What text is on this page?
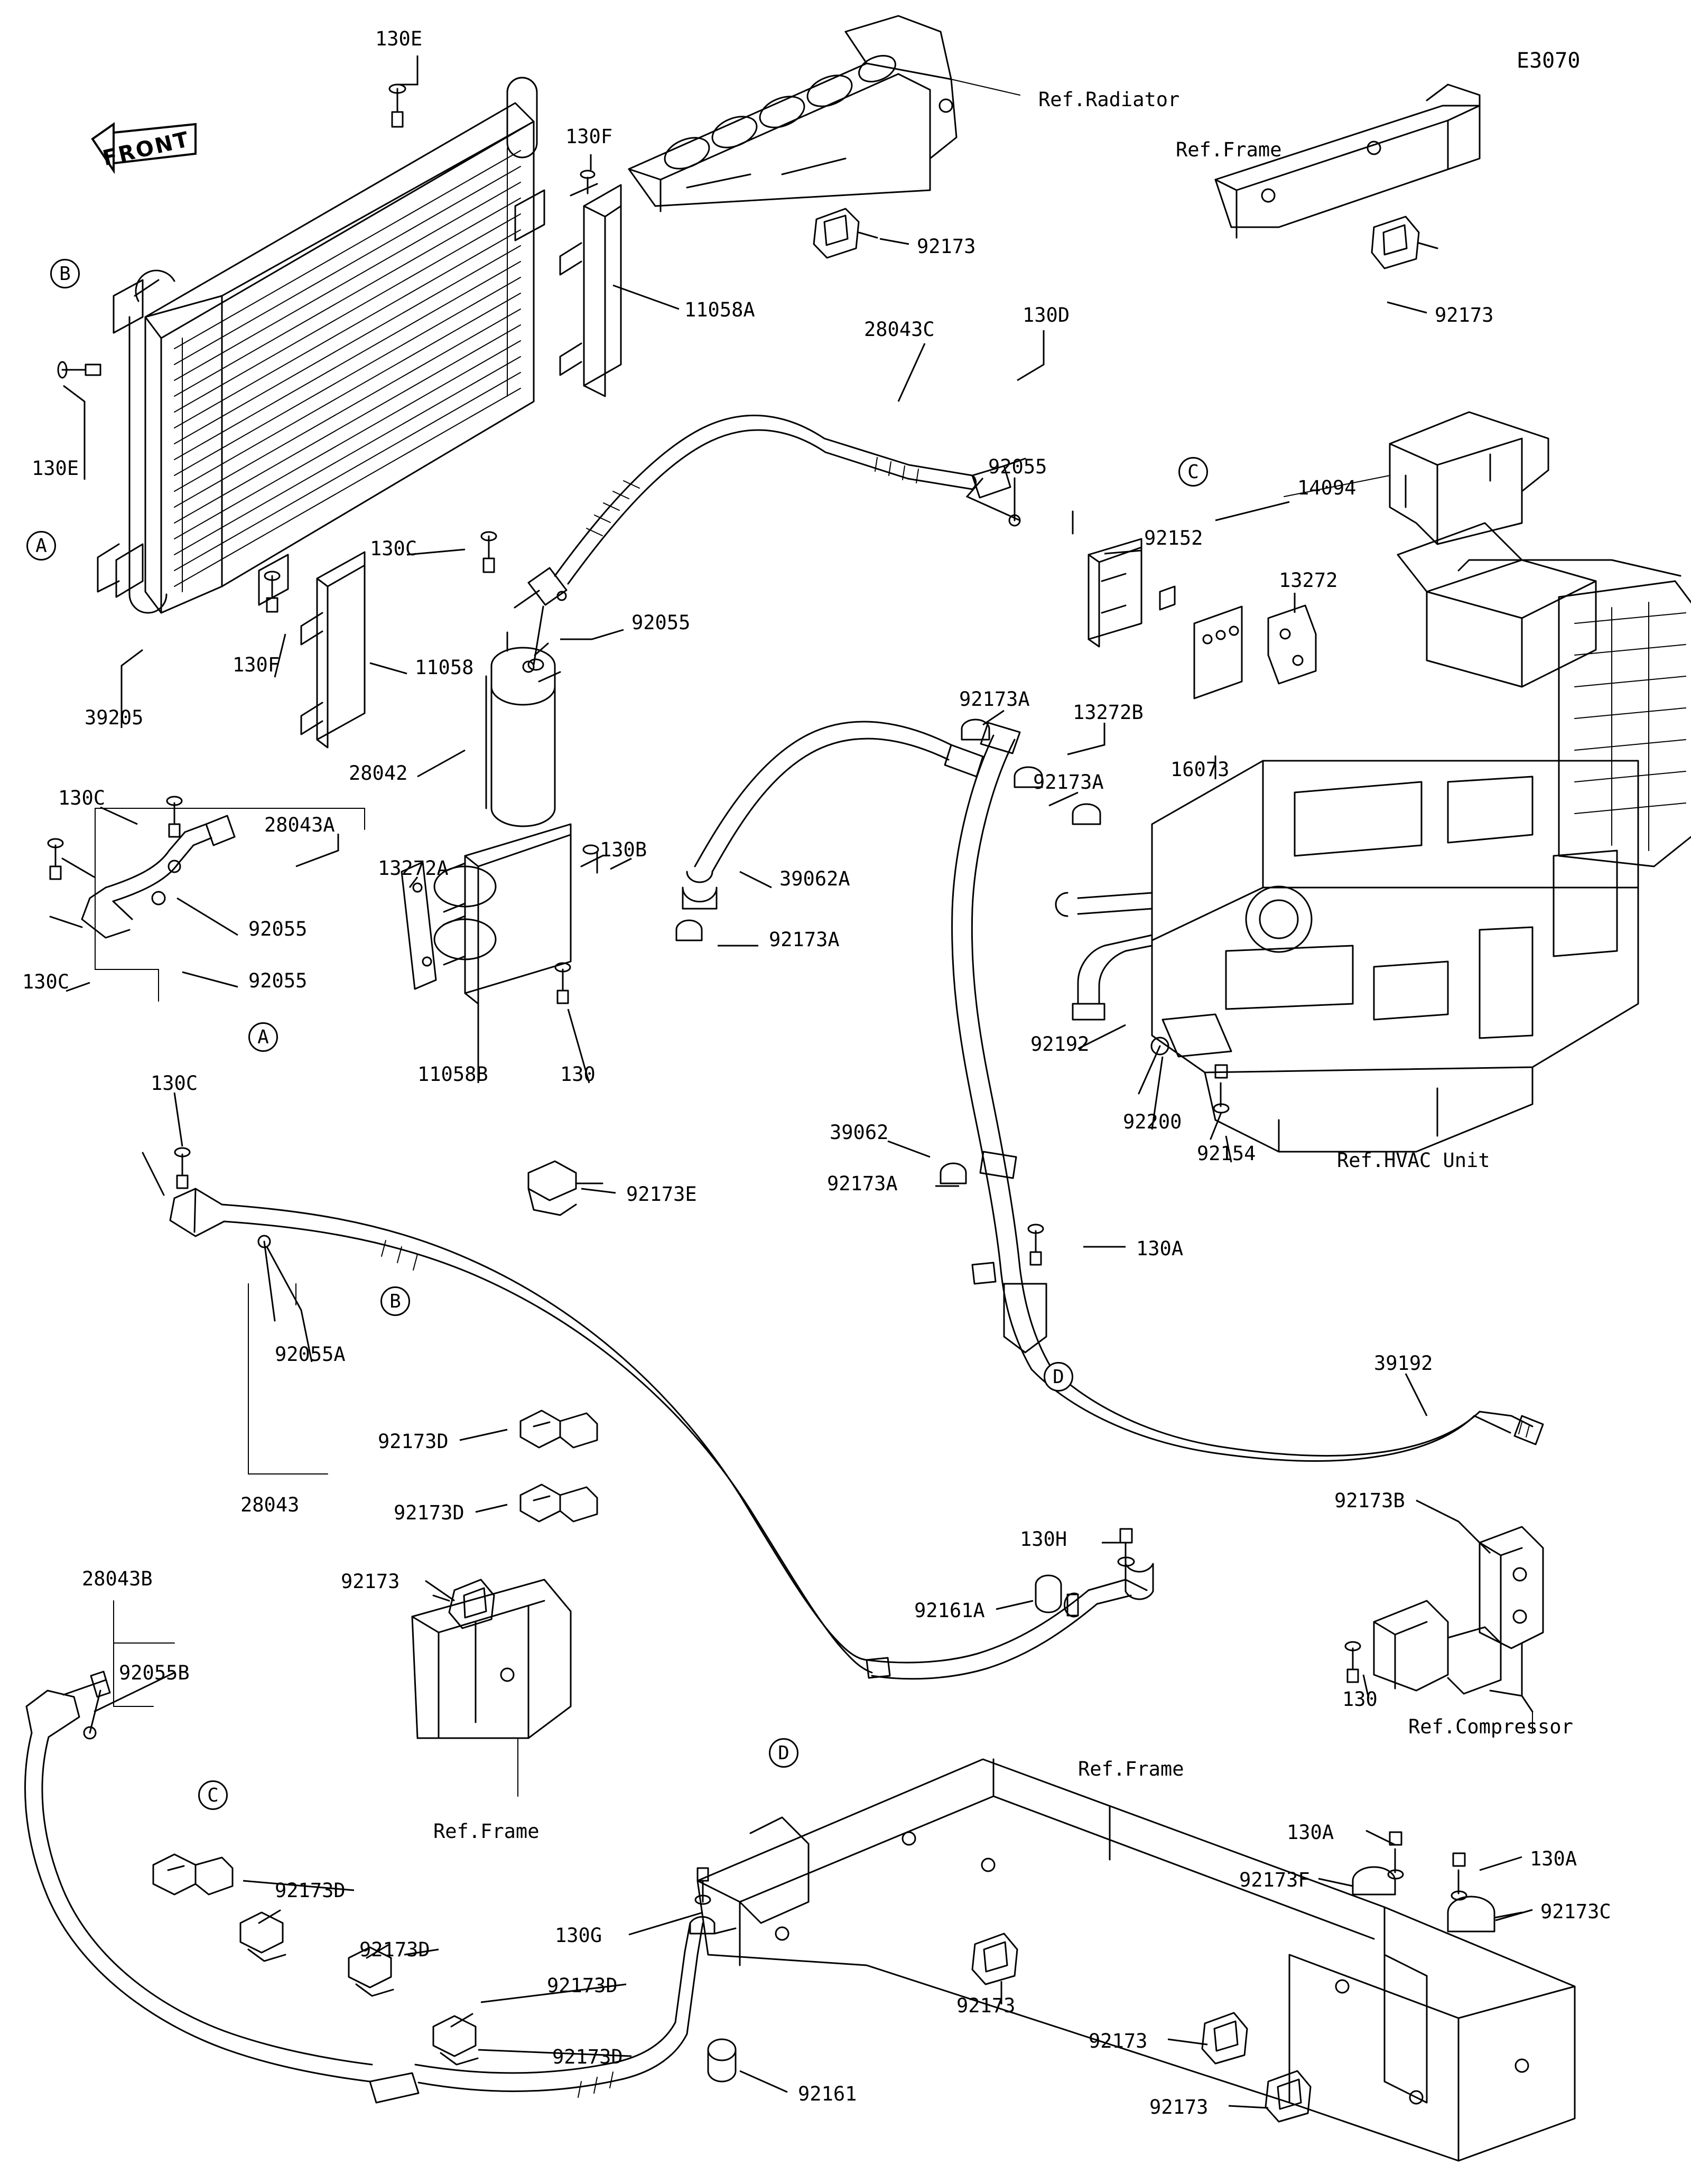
FRONT
E3070
Ref.Radiator
Ref.Frame
Ref.HVAC Unit
Ref.Compressor
Ref.Frame
Ref.Frame
130E
130F
11058A
92173
92173
130D
28043C
92055
14094
92152
13272
130E
130C
92055
130F	11058
39205
28042
92173A
92173A
13272B
16073
39062A
92173A
92192
130C
28043A
13272A
130B
92055
92055
130C
11058B	130
130C
92173E
39062
92173A
92200
92154
130A
92055A
92173D
92173D
28043
39192
92173B
130H
92161A
130
28043B	92173
92055B
92173D
92173D
92173D
92173D
130G
92161
92173
92173
92173
130A
130A
92173F
92173C
B
A
C
A
B
D
C
D
